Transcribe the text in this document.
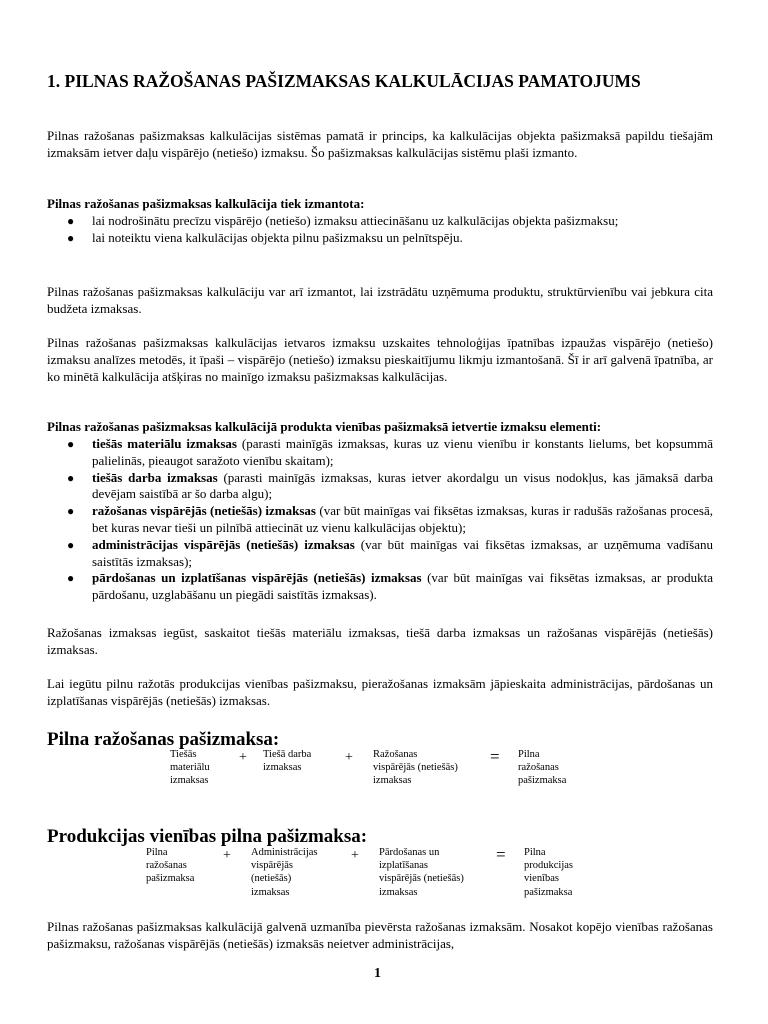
1. PILNAS RAŽOŠANAS PAŠIZMAKSAS KALKULĀCIJAS PAMATOJUMS

Pilnas ražošanas pašizmaksas kalkulācijas sistēmas pamatā ir princips, ka kalkulācijas objekta pašizmaksā papildu tiešajām izmaksām ietver daļu vispārējo (netiešo) izmaksu. Šo pašizmaksas kalkulācijas sistēmu plaši izmanto.

Pilnas ražošanas pašizmaksas kalkulācija tiek izmantota:

● lai nodrošinātu precīzu vispārējo (netiešo) izmaksu attiecināšanu uz kalkulācijas objekta pašizmaksu;
● lai noteiktu viena kalkulācijas objekta pilnu pašizmaksu un pelnītspēju.

Pilnas ražošanas pašizmaksas kalkulāciju var arī izmantot, lai izstrādātu uzņēmuma produktu, struktūrvienību vai jebkura cita budžeta izmaksas.

Pilnas ražošanas pašizmaksas kalkulācijas ietvaros izmaksu uzskaites tehnoloģijas īpatnības izpaužas vispārējo (netiešo) izmaksu analīzes metodēs, it īpaši – vispārējo (netiešo) izmaksu pieskaitījumu likmju izmantošanā. Šī ir arī galvenā īpatnība, ar ko minētā kalkulācija atšķiras no mainīgo izmaksu pašizmaksas kalkulācijas.

Pilnas ražošanas pašizmaksas kalkulācijā produkta vienības pašizmaksā ietvertie izmaksu elementi:

● tiešās materiālu izmaksas (parasti mainīgās izmaksas, kuras uz vienu vienību ir konstants lielums, bet kopsummā palielinās, pieaugot saražoto vienību skaitam);
● tiešās darba izmaksas (parasti mainīgās izmaksas, kuras ietver akordalgu un visus nodokļus, kas jāmaksā darba devējam saistībā ar šo darba algu);
● ražošanas vispārējās (netiešās) izmaksas (var būt mainīgas vai fiksētas izmaksas, kuras ir radušās ražošanas procesā, bet kuras nevar tieši un pilnībā attiecināt uz vienu kalkulācijas objektu);
● administrācijas vispārējās (netiešās) izmaksas (var būt mainīgas vai fiksētas izmaksas, ar uzņēmuma vadīšanu saistītās izmaksas);
● pārdošanas un izplatīšanas vispārējās (netiešās) izmaksas (var būt mainīgas vai fiksētas izmaksas, ar produkta pārdošanu, uzglabāšanu un piegādi saistītās izmaksas).

Ražošanas izmaksas iegūst, saskaitot tiešās materiālu izmaksas, tiešā darba izmaksas un ražošanas vispārējās (netiešās) izmaksas.

Lai iegūtu pilnu ražotās produkcijas vienības pašizmaksu, pieražošanas izmaksām jāpieskaita administrācijas, pārdošanas un izplatīšanas vispārējās (netiešās) izmaksas.

Pilna ražošanas pašizmaksa:
Tiešās
materiālu
izmaksas
+ Tiešā darba
izmaksas
+ Ražošanas
vispārējās (netiešās)
izmaksas
= Pilna
ražošanas
pašizmaksa
Produkcijas vienības pilna pašizmaksa:
Pilna
ražošanas
pašizmaksa
+ Administrācijas
vispārējās
(netiešās)
izmaksas
+ Pārdošanas un
izplatīšanas
vispārējās (netiešās)
izmaksas
= Pilna
produkcijas
vienības
pašizmaksa

Pilnas ražošanas pašizmaksas kalkulācijā galvenā uzmanība pievērsta ražošanas izmaksām. Nosakot kopējo vienības ražošanas pašizmaksu, ražošanas vispārējās (netiešās) izmaksās neietver administrācijas,

1
